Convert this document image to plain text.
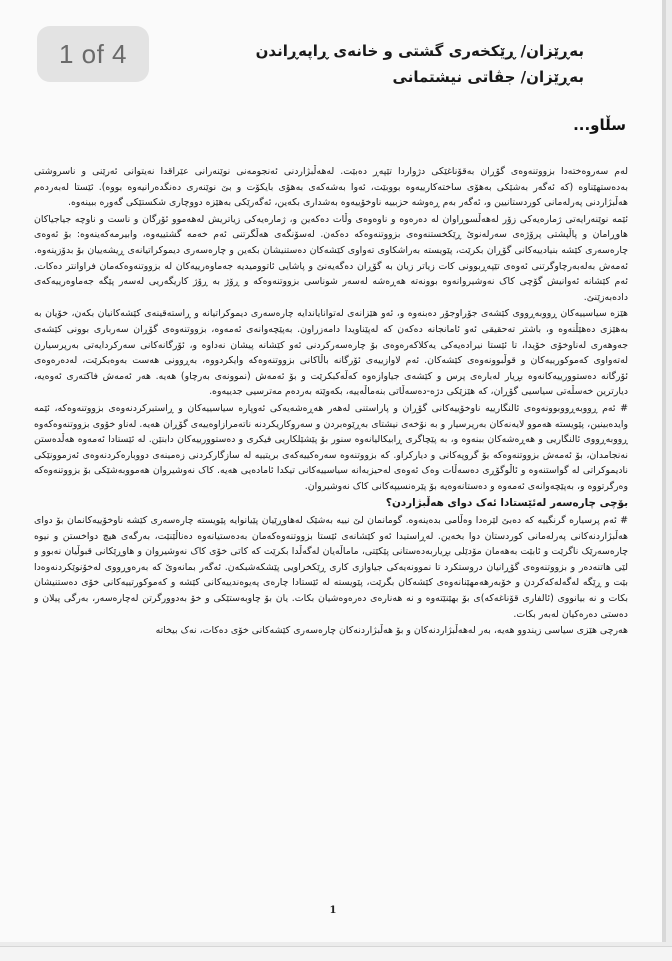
1 of 4	بەڕێزان/ ڕێکخەری گشتی و خانەی ڕاپەڕاندن
بەڕێزان/ جڤاتی نیشتمانی
سڵاو...

لەم سەروەختەدا بزووتنەوەی گۆڕان بەقۆناغێکی دژواردا تێپەڕ دەبێت. لەهەڵبژاردنی ئەنجومەنی نوێنەرانی عێراقدا نەیتوانی ئەرێنی و ناسروشتی بەدەستهێناوە (کە ئەگەر بەشێکی بەهۆی ساختەکارییەوە بووبێت، ئەوا بەشەکەی بەهۆی بایکۆت و بێ نوێنەری دەنگدەرانیەوە بووە). ئێستا لەبەردەم هەڵبژاردنی پەرلەمانی کوردستانیین و، ئەگەر بەم ڕەوشە حزبییە ناوخۆییەوە بەشداری بکەین، ئەگەرێکی بەهێزە دووچاری شکستێکی گەورە ببینەوە.

ئێمە نوێنەرایەتی ژمارەیەکی زۆر لەهەڵسوڕاوان لە دەرەوە و ناوەوەی وڵات دەکەین و، ژمارەیەکی زیاتریش لەهەموو ئۆرگان و ناست و ناوچە جیاجیاکان هاوڕامان و پاڵپشتی پرۆژەی سەرلەنوێ ڕێکخستنەوەی بزووتنەوەکە دەکەن. لەسۆنگەی هەڵگرتنی ئەم خەمە گشتییەوە، وابیرمەکەینەوە: بۆ ئەوەی چارەسەری کێشە بنیادییەکانی گۆڕان بکرێت، پێویستە بەراشکاوی تەواوی کێشەکان دەستنیشان بکەین و چارەسەری دیموکراتیانەی ڕیشەییان بۆ بدۆزینەوە. ئەمەش بەلەبەرچاوگرتنی ئەوەی تێپەڕبوونی کات زیاتر زیان بە گۆڕان دەگەیەنێ و پاشایی ئاتوومیدیە جەماوەرییەکان لە بزووتنەوەکەمان فراوانتر دەکات. ئەم کێشانە ئەوانیش گۆچی کاک نەوشیروانەوە بوونەتە هەڕەشە لەسەر شوناسی بزووتنەوەکە و ڕۆژ بە ڕۆژ کاریگەریی لەسەر پێگە جەماوەرییەکەی دادەبەزێنێ.

هێزە سیاسییەکان ڕووبەڕووی کێشەی جۆراوجۆر دەبنەوە و، ئەو هێزانەی لەتوانایاندایە چارەسەری دیموکراتیانە و ڕاستەقینەی کێشەکانیان بکەن، خۆیان بە بەهێزی دەهێڵنەوە و، باشتر تەحقیقی ئەو ئامانجانە دەکەن کە لەپێناویدا دامەزراون. بەپێچەوانەی ئەمەوە، بزووتنەوەی گۆڕان سەرباری بوونی کێشەی جەوهەری لەناوخۆی خۆیدا، تا ئێستا نیرادەیەکی یەکلاکەرەوەی بۆ چارەسەرکردنی ئەو کێشانە پیشان نەداوە و، ئۆرگانەکانی سەرکردایەتی بەرپرسیارن لەتەواوی کەموکورییەکان و قوڵبوونەوەی کێشەکان. ئەم لاوازییەی ئۆرگانە باڵاکانی بزووتنەوەکە وایکردووە، بەڕوونی هەست بەوەبکرێت، لەدەرەوەی ئۆرگانە دەستوورییەکانەوە بڕیار لەبارەی پرس و کێشەی جیاوازەوە کەڵەکبکرێت و بۆ ئەمەش (نموونەی بەرچاو) هەیە. هەر ئەمەش فاکتەری ئەوەیە، دیارترین خەسڵەتی سیاسیی گۆڕان، کە هێزێکی دژە-دەسەڵاتی بنەماڵەییە، بکەوێتە بەردەم مەترسیی جدییەوە.

# ئەم ڕووبەڕووبوونەوەی ئالنگارییە ناوخۆییەکانی گۆڕان و پاراستنی لەهەر هەڕەشەیەکی ئەوپارە سیاسییەکان و ڕاستبرکردنەوەی بزووتنەوەکە، ئێمە وایدەبینین، پێویستە هەموو لایەنەکان بەرپرسیار و بە نۆخەی نیشتای بەڕێوەبردن و سەروکاریکردنە ناتەمرازاوەییەی گۆڕان هەیە. لەناو خۆوی بزووتنەوەکەوە ڕووبەڕووی ئالنگاریی و هەڕەشەکان ببنەوە و، بە پێچاگری ڕابیکالیانەوە سنور بۆ پێشێلکاریی فیکری و دەستوورییەکان دابنێن. لە ئێستادا ئەمەوە هەڵدەستن نەنجامدان، بۆ ئەمەش بزووتنەوەکە بۆ گروپەکانی و دیارکراو. کە بزووتنەوە سەرەکییەکەی بریتییە لە سازگارکردنی زەمینەی دووبارەکردنەوەی ئەزموونێکی نادیموکراتی لە گواستنەوە و ئاڵوگۆڕی دەسەڵات وەک ئەوەی لەحیزبەانە سیاسییەکانی تیکدا ئامادەیی هەیە. کاک نەوشیروان هەمووبەشێکی بۆ بزووتنەوەکە وەرگرتووە و، بەپێچەوانەی ئەمەوە و دەستانەوەیە بۆ پێرەنسیپەکانی کاک نەوشیروان.

بۆچی چارەسەر لەئێستادا ئەک دوای هەڵبژاردن؟

# ئەم پرسیارە گرنگییە کە دەبێ لێرەدا وەڵامی بدەینەوە. گومانمان لێ نییە بەشێک لەهاوڕێیان پێیانوایە پێویستە چارەسەری کێشە ناوخۆییەکانمان بۆ دوای هەڵبژاردنەکانی پەرلەمانی کوردستان دوا بخەین. لەڕاستیدا ئەو کێشانەی ئێستا بزووتنەوەکەمان بەدەستیانەوە دەناڵێنێت، بەرگەی هیچ دواخستن و نیوە چارەسەرێک ناگرێت و ئابێت بەهەمان مۆدێلی بڕیاربەدەستانی پێکێتی، ماماڵەیان لەگەڵدا بکرێت کە کاتی خۆی کاک نەوشیروان و هاوڕێکانی قبوڵیان نەبوو و لێی هاتنەدەر و بزووتنەوەی گۆڕانیان دروستکرد تا نموونەیەکی جیاوازی کاری ڕێکخراویی پێشکەشبکەن. ئەگەر بمانەوێ کە بەرەوڕووی لەخۆنوێکردنەوەدا بێت و ڕێگە لەگەلەکەکردن و خۆبەرهەمهێنانەوەی کێشەکان بگرێت، پێویستە لە ئێستادا چارەی پەیوەندییەکانی کێشە و کەموکورتییەکانی خۆی دەستنیشان بکات و نە بیانووی (ئالفاری قۆناغەکە)ی بۆ بهێنێتەوە و نە هەنارەی دەرەوەشیان بکات. یان بۆ چاوبەستێکی و خۆ بەدوورگرتن لەچارەسەر، بەرگی پیلان و دەستی دەرەکیان لەبەر بکات.

هەرچی هێزی سیاسی زیندوو هەیە، بەر لەهەڵبژاردنەکان و بۆ هەڵبژاردنەکان چارەسەری کێشەکانی خۆی دەکات، نەک بیخاتە

1
